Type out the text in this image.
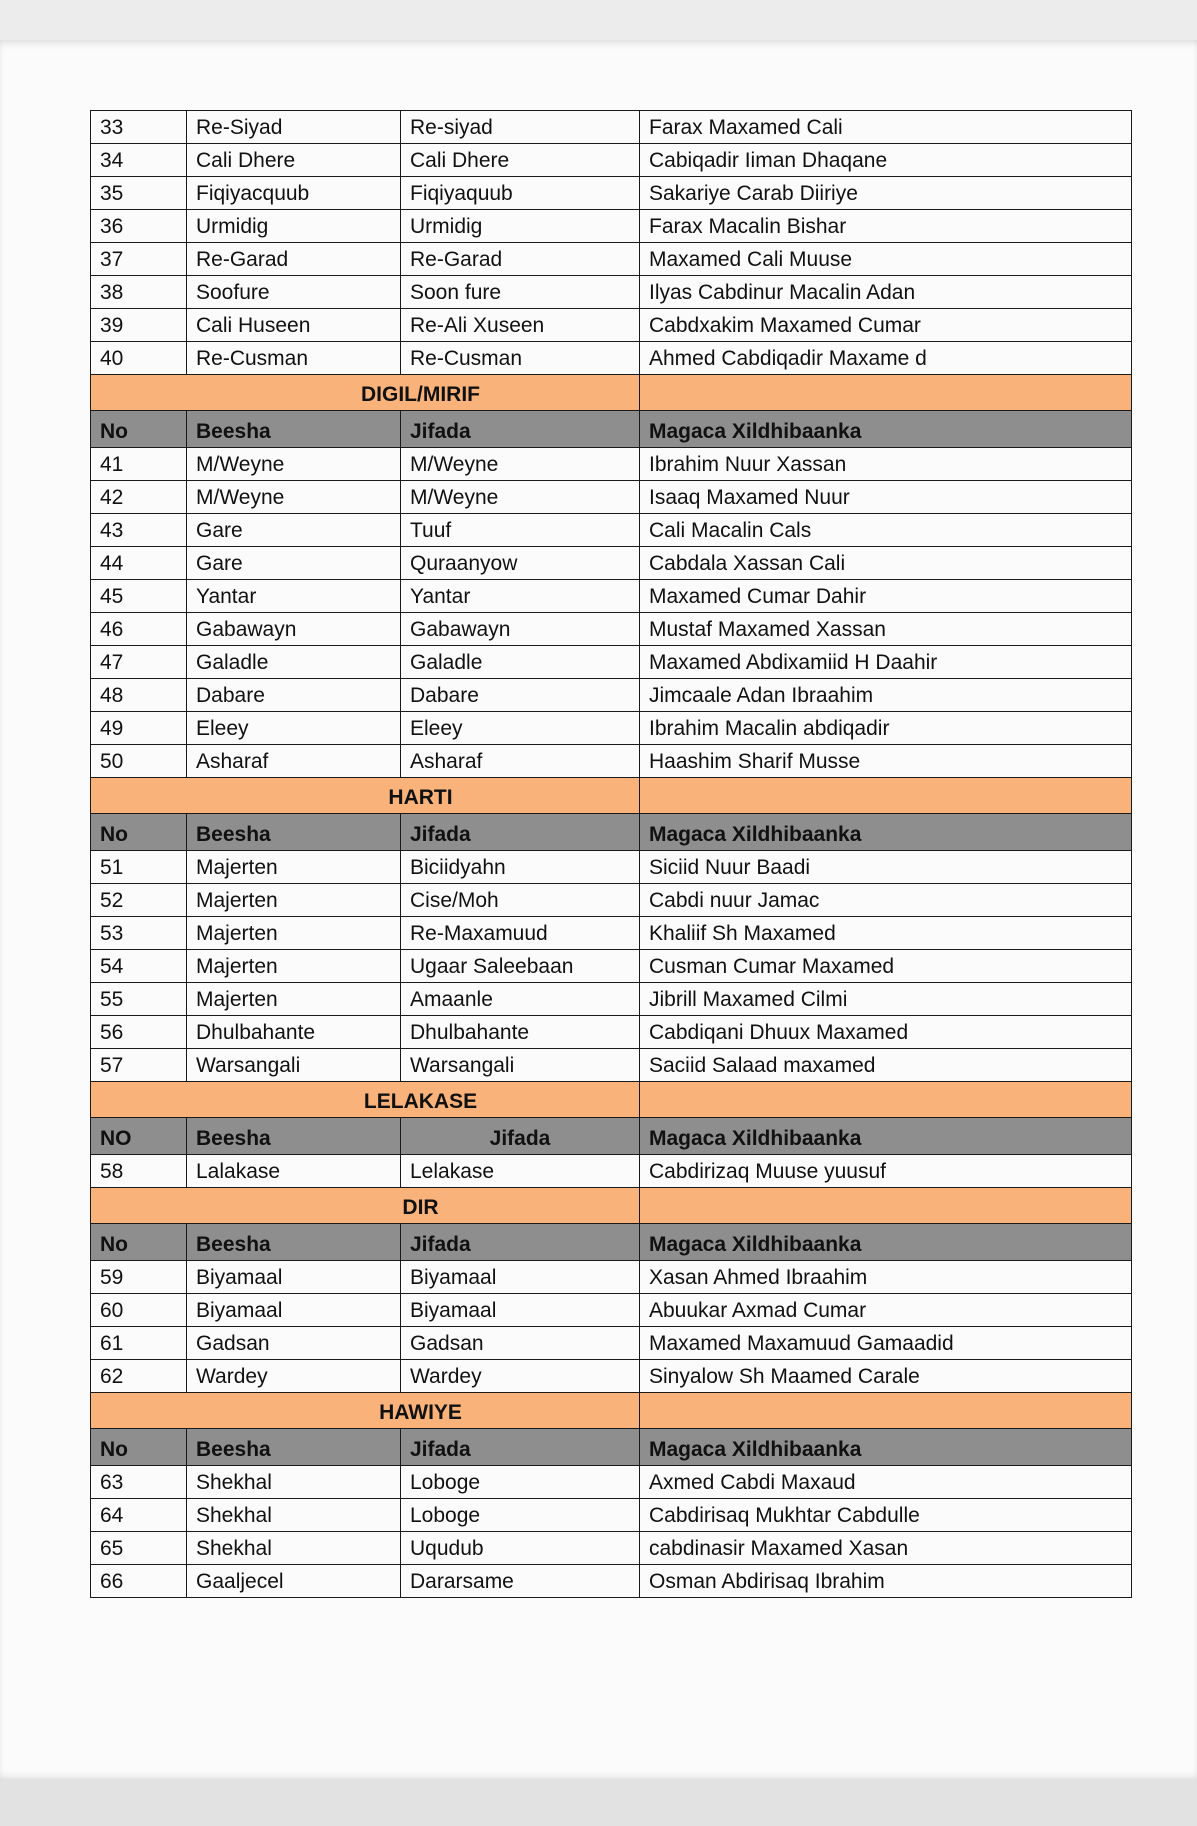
33	Re-Siyad	Re-siyad	Farax Maxamed Cali
34	Cali Dhere	Cali Dhere	Cabiqadir Iiman Dhaqane
35	Fiqiyacquub	Fiqiyaquub	Sakariye Carab Diiriye
36	Urmidig	Urmidig	Farax Macalin Bishar
37	Re-Garad	Re-Garad	Maxamed Cali Muuse
38	Soofure	Soon fure	Ilyas Cabdinur Macalin Adan
39	Cali Huseen	Re-Ali Xuseen	Cabdxakim Maxamed Cumar
40	Re-Cusman	Re-Cusman	Ahmed Cabdiqadir Maxame d
DIGIL/MIRIF			
No	Beesha	Jifada	Magaca Xildhibaanka
41	M/Weyne	M/Weyne	Ibrahim Nuur Xassan
42	M/Weyne	M/Weyne	Isaaq Maxamed Nuur
43	Gare	Tuuf	Cali Macalin Cals
44	Gare	Quraanyow	Cabdala Xassan Cali
45	Yantar	Yantar	Maxamed Cumar Dahir
46	Gabawayn	Gabawayn	Mustaf Maxamed Xassan
47	Galadle	Galadle	Maxamed Abdixamiid H Daahir
48	Dabare	Dabare	Jimcaale Adan Ibraahim
49	Eleey	Eleey	Ibrahim Macalin abdiqadir
50	Asharaf	Asharaf	Haashim Sharif Musse
HARTI			
No	Beesha	Jifada	Magaca Xildhibaanka
51	Majerten	Biciidyahn	Siciid Nuur Baadi
52	Majerten	Cise/Moh	Cabdi nuur Jamac
53	Majerten	Re-Maxamuud	Khaliif Sh Maxamed
54	Majerten	Ugaar Saleebaan	Cusman Cumar Maxamed
55	Majerten	Amaanle	Jibrill Maxamed Cilmi
56	Dhulbahante	Dhulbahante	Cabdiqani Dhuux Maxamed
57	Warsangali	Warsangali	Saciid Salaad maxamed
LELAKASE			
NO	Beesha	Jifada	Magaca Xildhibaanka
58	Lalakase	Lelakase	Cabdirizaq Muuse yuusuf
DIR			
No	Beesha	Jifada	Magaca Xildhibaanka
59	Biyamaal	Biyamaal	Xasan Ahmed Ibraahim
60	Biyamaal	Biyamaal	Abuukar Axmad Cumar
61	Gadsan	Gadsan	Maxamed Maxamuud Gamaadid
62	Wardey	Wardey	Sinyalow Sh Maamed Carale
HAWIYE			
No	Beesha	Jifada	Magaca Xildhibaanka
63	Shekhal	Loboge	Axmed Cabdi Maxaud
64	Shekhal	Loboge	Cabdirisaq Mukhtar Cabdulle
65	Shekhal	Uqudub	cabdinasir Maxamed Xasan
66	Gaaljecel	Dararsame	Osman Abdirisaq Ibrahim
